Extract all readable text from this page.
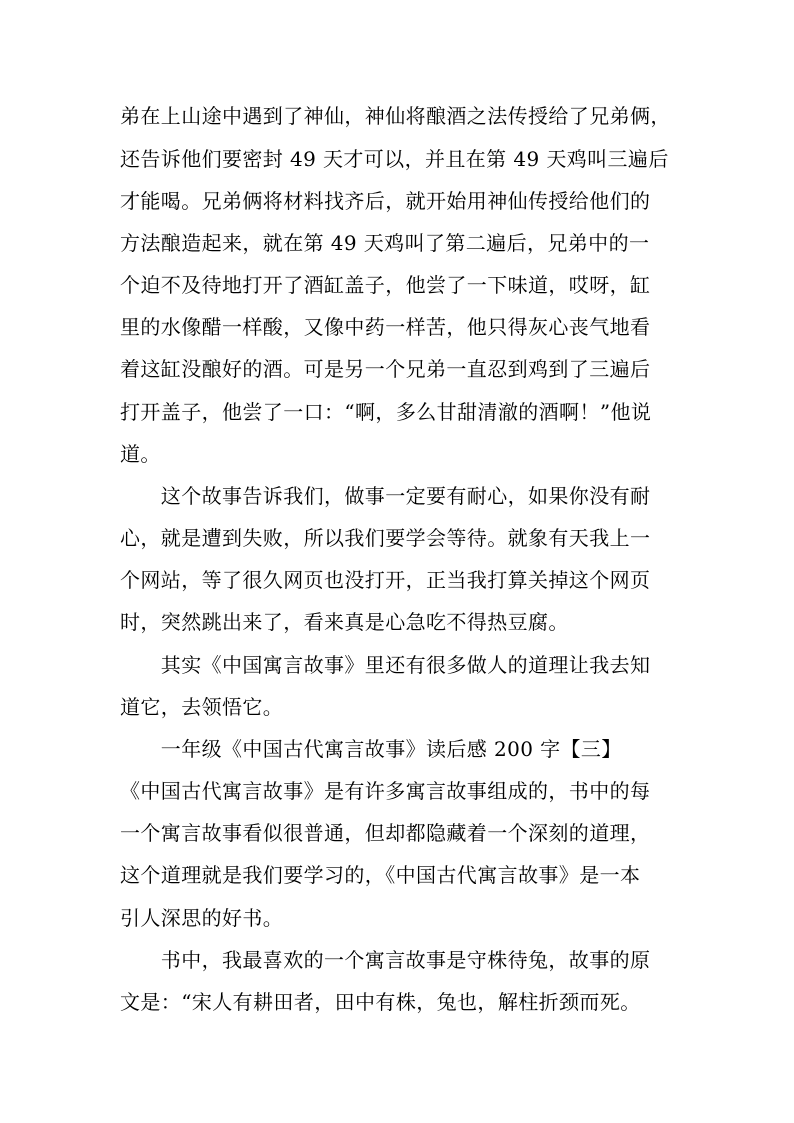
弟在上山途中遇到了神仙，神仙将酿酒之法传授给了兄弟俩，
还告诉他们要密封 49 天才可以，并且在第 49 天鸡叫三遍后
才能喝。兄弟俩将材料找齐后，就开始用神仙传授给他们的
方法酿造起来，就在第 49 天鸡叫了第二遍后，兄弟中的一
个迫不及待地打开了酒缸盖子，他尝了一下味道，哎呀，缸
里的水像醋一样酸，又像中药一样苦，他只得灰心丧气地看
着这缸没酿好的酒。可是另一个兄弟一直忍到鸡到了三遍后
打开盖子，他尝了一口：“啊，多么甘甜清澈的酒啊！”他说
道。
　　这个故事告诉我们，做事一定要有耐心，如果你没有耐
心，就是遭到失败，所以我们要学会等待。就象有天我上一
个网站，等了很久网页也没打开，正当我打算关掉这个网页
时，突然跳出来了，看来真是心急吃不得热豆腐。
　　其实《中国寓言故事》里还有很多做人的道理让我去知
道它，去领悟它。
　　一年级《中国古代寓言故事》读后感 200 字【三】
《中国古代寓言故事》是有许多寓言故事组成的，书中的每
一个寓言故事看似很普通，但却都隐藏着一个深刻的道理，
这个道理就是我们要学习的，《中国古代寓言故事》是一本
引人深思的好书。
　　书中，我最喜欢的一个寓言故事是守株待兔，故事的原
文是：“宋人有耕田者，田中有株，兔也，解柱折颈而死。
